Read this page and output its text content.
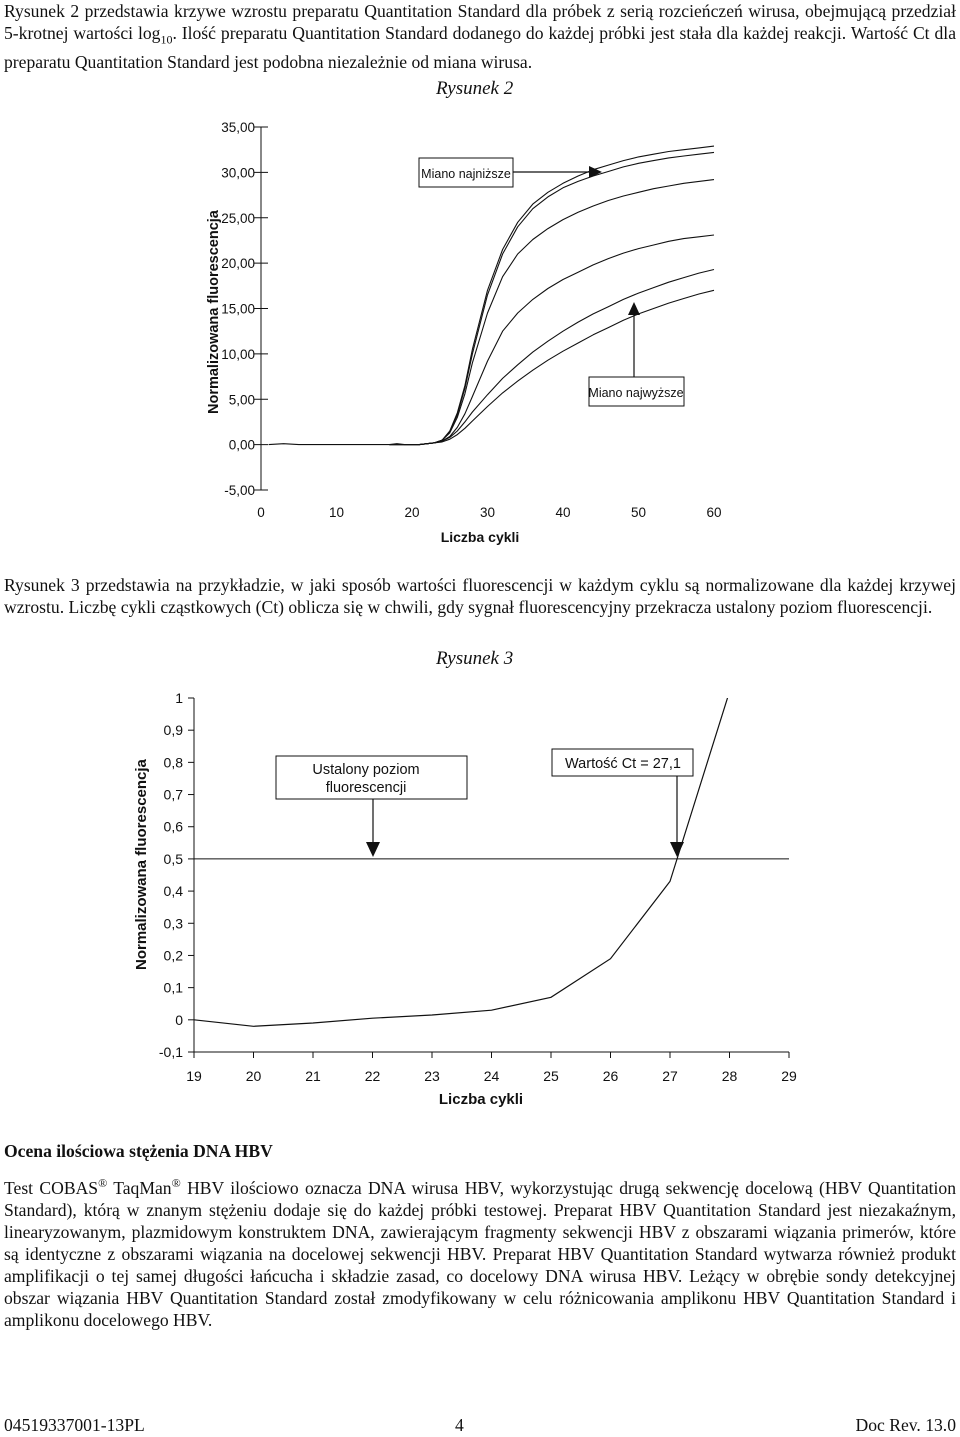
Rysunek 2 przedstawia krzywe wzrostu preparatu Quantitation Standard dla próbek z serią rozcieńczeń wirusa, obejmującą przedział 5-krotnej wartości $\log_{10}$. Ilość preparatu Quantitation Standard dodanego do każdej próbki jest stała dla każdej reakcji. Wartość Ct dla preparatu Quantitation Standard jest podobna niezależnie od miana wirusa.

Rysunek 2
35,00
30,00
25,00
20,00
15,00
10,00
5,00
0,00
-5,00
0	10	20	30	40	50	60
Miano najniższe
Miano najwyższe
Normalizowana fluorescencja
Liczba cykli

Rysunek 3 przedstawia na przykładzie, w jaki sposób wartości fluorescencji w każdym cyklu są normalizowane dla każdej krzywej wzrostu. Liczbę cykli cząstkowych (Ct) oblicza się w chwili, gdy sygnał fluorescencyjny przekracza ustalony poziom fluorescencji.

Rysunek 3
1
0,9
0,8
0,7
0,6
0,5
0,4
0,3
0,2
0,1
0
-0,1
19	20	21	22	23	24	25	26	27	28	29
Ustalony poziom
fluorescencji
Wartość Ct = 27,1
Normalizowana fluorescencja
Liczba cykli
Ocena ilościowa stężenia DNA HBV

Test COBAS® TaqMan® HBV ilościowo oznacza DNA wirusa HBV, wykorzystując drugą sekwencję docelową (HBV Quantitation Standard), którą w znanym stężeniu dodaje się do każdej próbki testowej. Preparat HBV Quantitation Standard jest niezakaźnym, linearyzowanym, plazmidowym konstruktem DNA, zawierającym fragmenty sekwencji HBV z obszarami wiązania primerów, które są identyczne z obszarami wiązania na docelowej sekwencji HBV. Preparat HBV Quantitation Standard wytwarza również produkt amplifikacji o tej samej długości łańcucha i składzie zasad, co docelowy DNA wirusa HBV. Leżący w obrębie sondy detekcyjnej obszar wiązania HBV Quantitation Standard został zmodyfikowany w celu różnicowania amplikonu HBV Quantitation Standard i amplikonu docelowego HBV.

04519337001-13PL	4	Doc Rev. 13.0
